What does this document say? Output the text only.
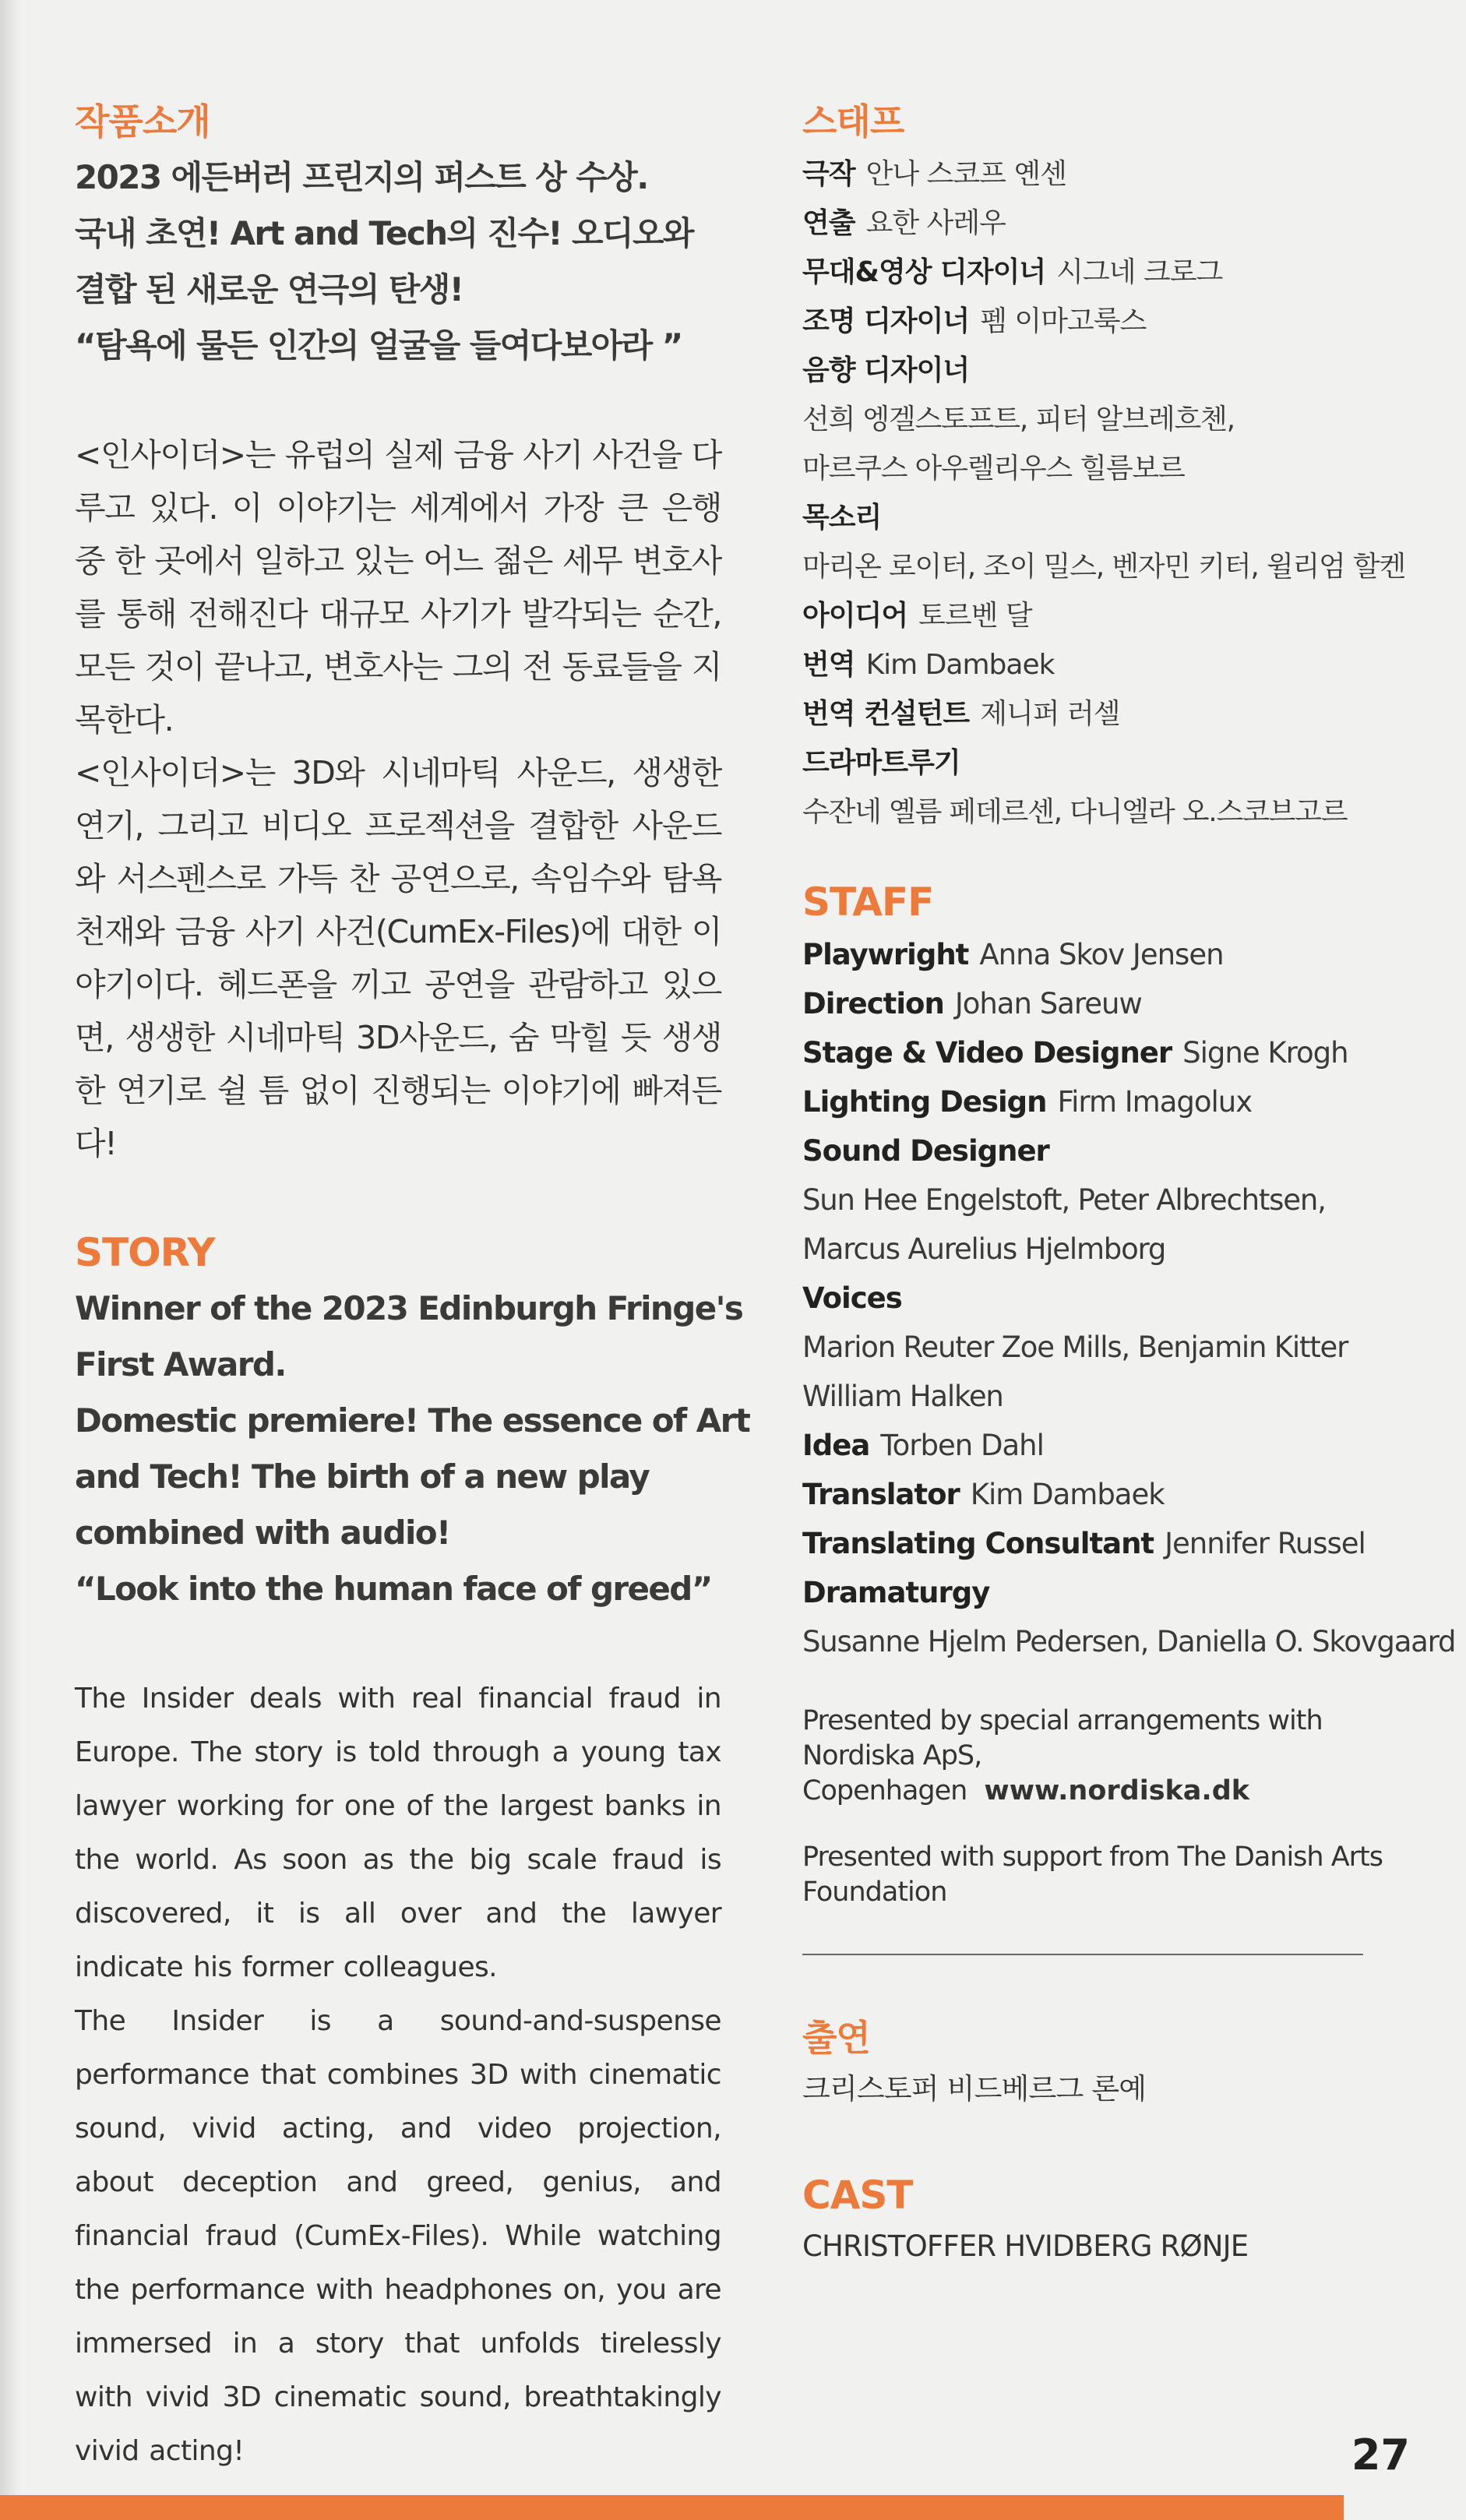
작품소개
2023 에든버러 프린지의 퍼스트 상 수상.
국내 초연! Art and Tech의 진수! 오디오와
결합 된 새로운 연극의 탄생!
“탐욕에 물든 인간의 얼굴을 들여다보아라 ”

<인사이더>는 유럽의 실제 금융 사기 사건을 다루고 있다. 이 이야기는 세계에서 가장 큰 은행 중 한 곳에서 일하고 있는 어느 젊은 세무 변호사를 통해 전해진다 대규모 사기가 발각되는 순간, 모든 것이 끝나고, 변호사는 그의 전 동료들을 지목한다.

<인사이더>는 3D와 시네마틱 사운드, 생생한 연기, 그리고 비디오 프로젝션을 결합한 사운드와 서스펜스로 가득 찬 공연으로, 속임수와 탐욕 천재와 금융 사기 사건(CumEx-Files)에 대한 이야기이다. 헤드폰을 끼고 공연을 관람하고 있으면, 생생한 시네마틱 3D사운드, 숨 막힐 듯 생생한 연기로 쉴 틈 없이 진행되는 이야기에 빠져든다!

STORY
Winner of the 2023 Edinburgh Fringe's
First Award.
Domestic premiere! The essence of Art
and Tech! The birth of a new play
combined with audio!
“Look into the human face of greed”

The Insider deals with real financial fraud in Europe. The story is told through a young tax lawyer working for one of the largest banks in the world. As soon as the big scale fraud is discovered, it is all over and the lawyer indicate his former colleagues.

The Insider is a sound-and-suspense performance that combines 3D with cinematic sound, vivid acting, and video projection, about deception and greed, genius, and financial fraud (CumEx-Files). While watching the performance with headphones on, you are immersed in a story that unfolds tirelessly with vivid 3D cinematic sound, breathtakingly vivid acting!

스태프
극작 안나 스코프 옌센
연출 요한 사레우
무대&영상 디자이너 시그네 크로그
조명 디자이너 펨 이마고룩스
음향 디자이너
선희 엥겔스토프트, 피터 알브레흐첸,
마르쿠스 아우렐리우스 힐름보르
목소리
마리온 로이터, 조이 밀스, 벤자민 키터, 윌리엄 할켄
아이디어 토르벤 달
번역 Kim Dambaek
번역 컨설턴트 제니퍼 러셀
드라마트루기
수잔네 옐름 페데르센, 다니엘라 오.스코브고르
STAFF
Playwright Anna Skov Jensen
Direction Johan Sareuw
Stage & Video Designer Signe Krogh
Lighting Design Firm Imagolux
Sound Designer
Sun Hee Engelstoft, Peter Albrechtsen,
Marcus Aurelius Hjelmborg
Voices
Marion Reuter Zoe Mills, Benjamin Kitter
William Halken
Idea Torben Dahl
Translator Kim Dambaek
Translating Consultant Jennifer Russel
Dramaturgy
Susanne Hjelm Pedersen, Daniella O. Skovgaard
Presented by special arrangements with Nordiska ApS, Copenhagen www.nordiska.dk
Presented with support from The Danish Arts Foundation
출연
크리스토퍼 비드베르그 론예
CAST
CHRISTOFFER HVIDBERG RØNJE
27
